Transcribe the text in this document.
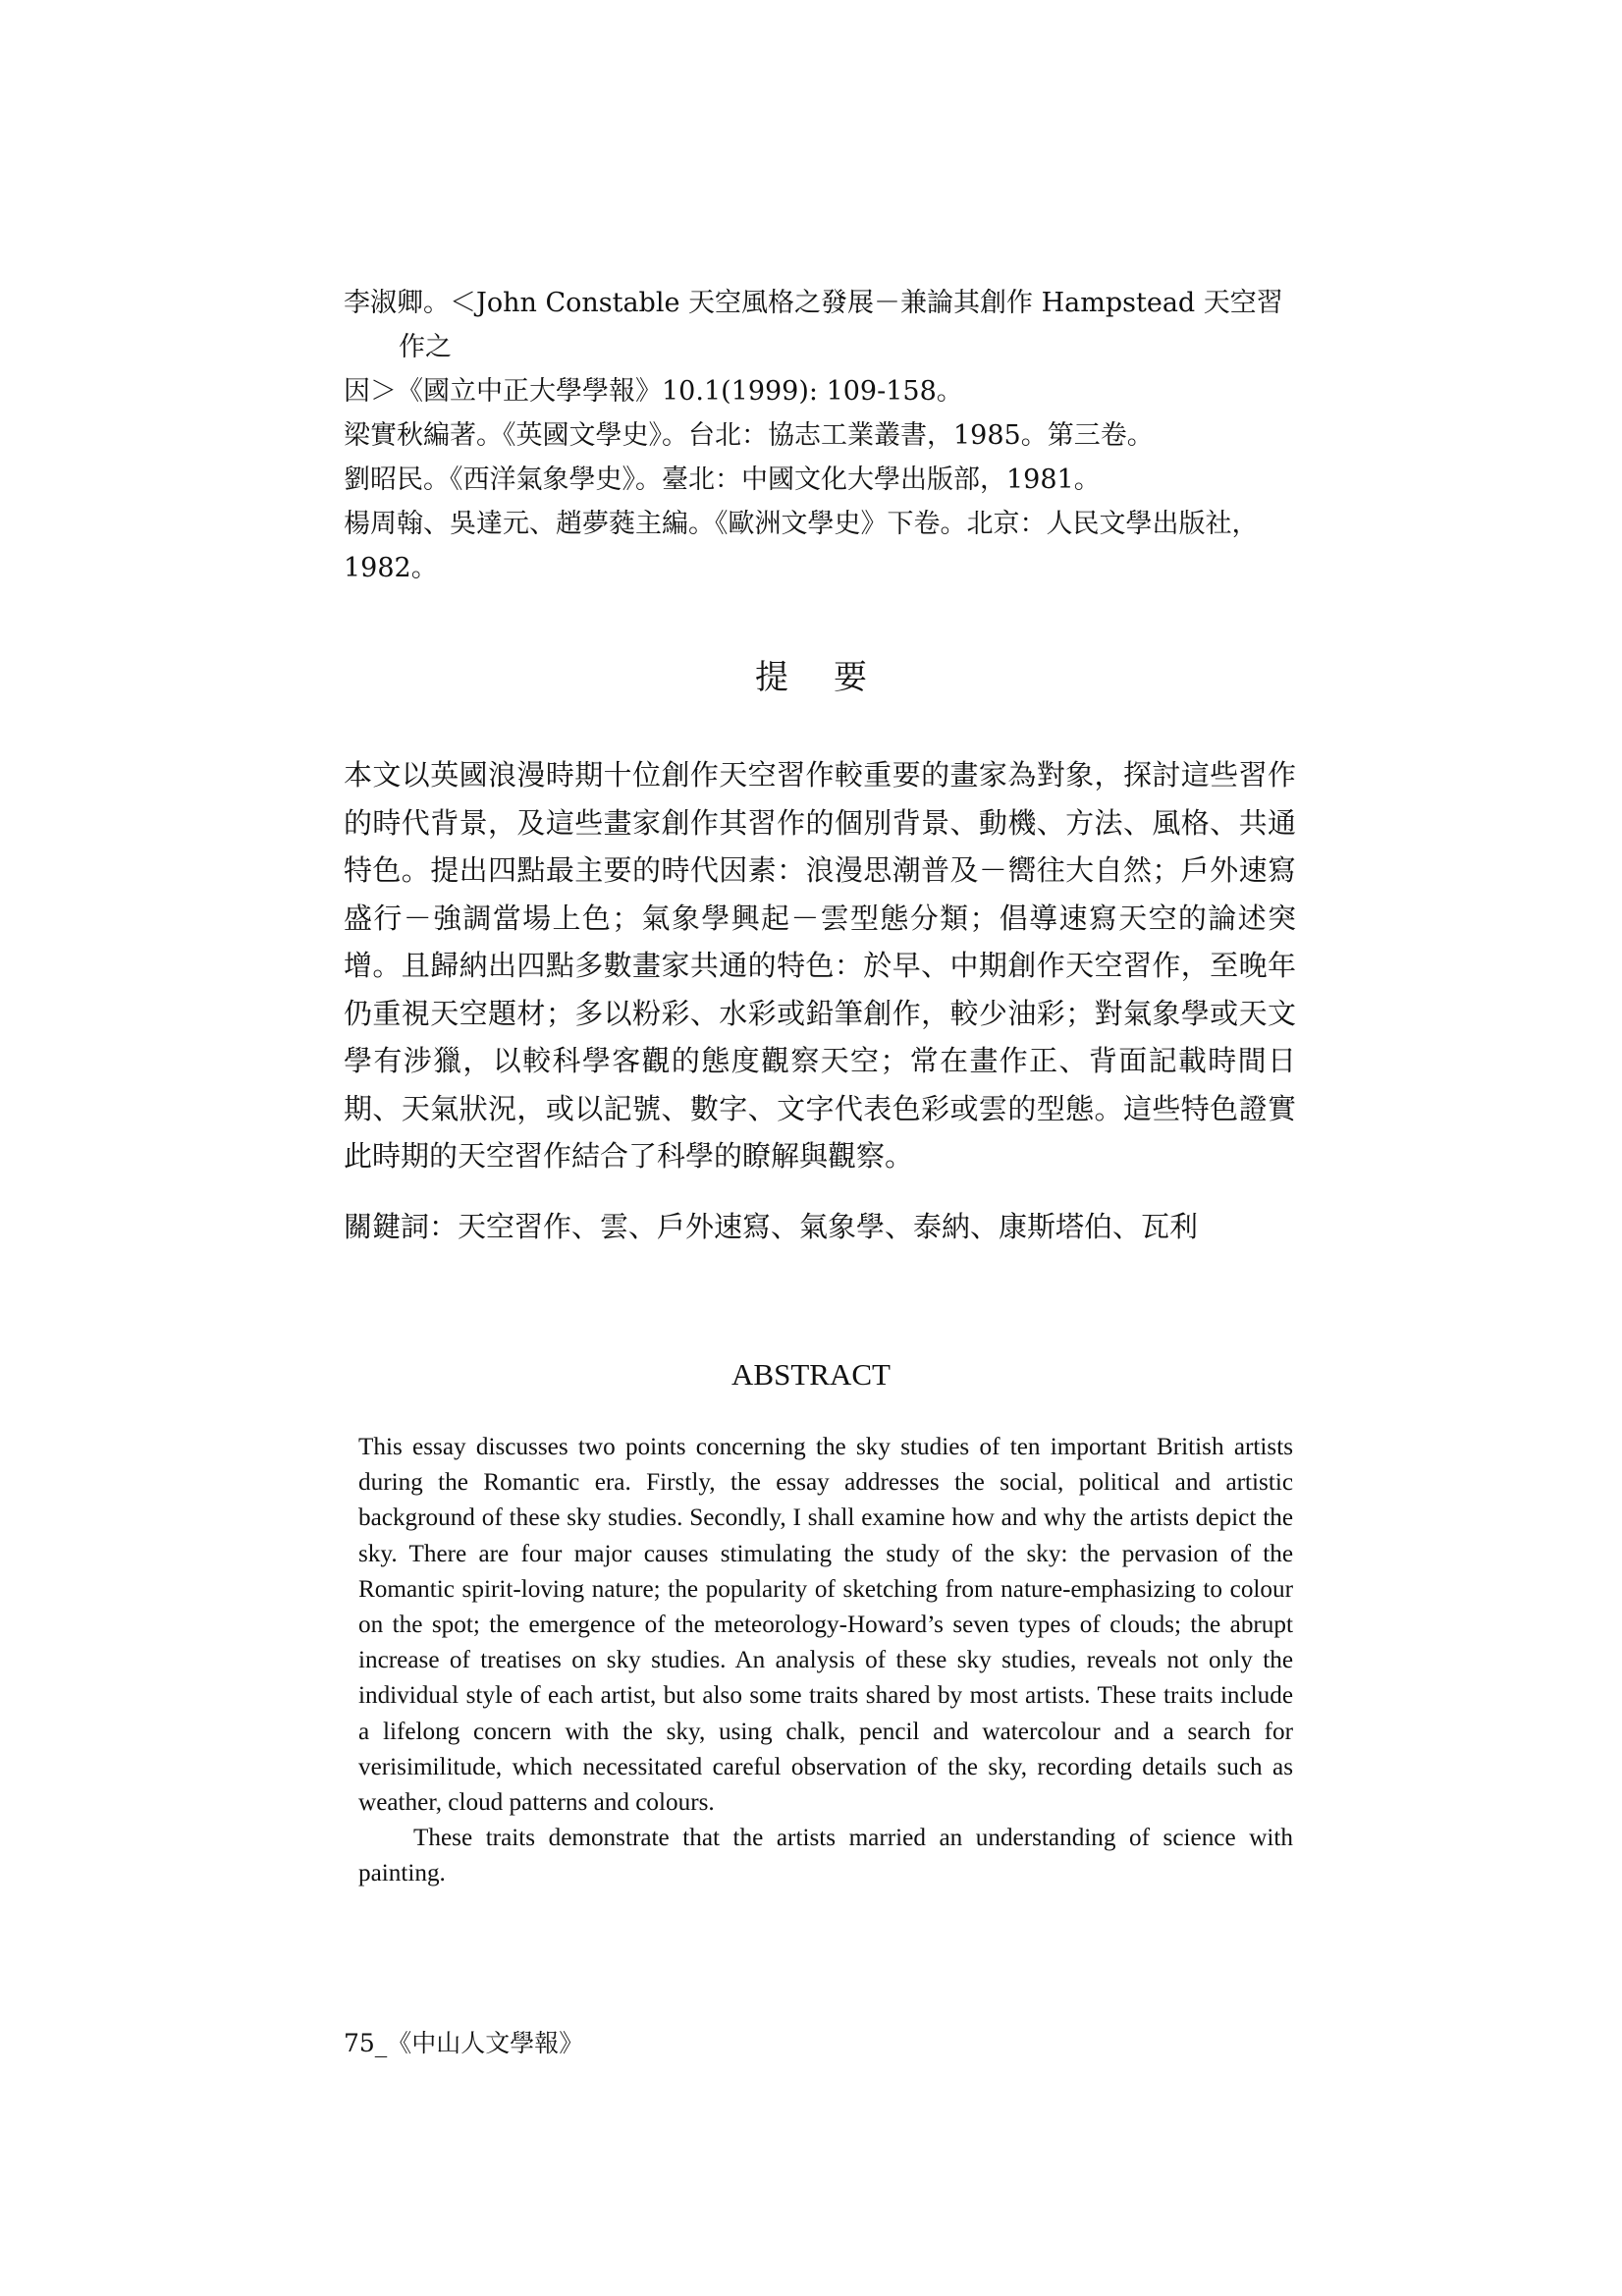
李淑卿。＜John Constable 天空風格之發展－兼論其創作 Hampstead 天空習作之
因＞《國立中正大學學報》10.1(1999): 109-158。

梁實秋編著。《英國文學史》。台北：協志工業叢書，1985。第三卷。

劉昭民。《西洋氣象學史》。臺北：中國文化大學出版部，1981。

楊周翰、吳達元、趙夢蕤主編。《歐洲文學史》下卷。北京：人民文學出版社，
1982。

提要
本文以英國浪漫時期十位創作天空習作較重要的畫家為對象，探討這些習作的時代背景，及這些畫家創作其習作的個別背景、動機、方法、風格、共通特色。提出四點最主要的時代因素：浪漫思潮普及－嚮往大自然；戶外速寫盛行－強調當場上色；氣象學興起－雲型態分類；倡導速寫天空的論述突增。且歸納出四點多數畫家共通的特色：於早、中期創作天空習作，至晚年仍重視天空題材；多以粉彩、水彩或鉛筆創作，較少油彩；對氣象學或天文學有涉獵，以較科學客觀的態度觀察天空；常在畫作正、背面記載時間日期、天氣狀況，或以記號、數字、文字代表色彩或雲的型態。這些特色證實此時期的天空習作結合了科學的瞭解與觀察。
關鍵詞：天空習作、雲、戶外速寫、氣象學、泰納、康斯塔伯、瓦利
ABSTRACT

This essay discusses two points concerning the sky studies of ten important British artists during the Romantic era. Firstly, the essay addresses the social, political and artistic background of these sky studies. Secondly, I shall examine how and why the artists depict the sky. There are four major causes stimulating the study of the sky: the pervasion of the Romantic spirit-loving nature; the popularity of sketching from nature-emphasizing to colour on the spot; the emergence of the meteorology-Howard’s seven types of clouds; the abrupt increase of treatises on sky studies. An analysis of these sky studies, reveals not only the individual style of each artist, but also some traits shared by most artists. These traits include a lifelong concern with the sky, using chalk, pencil and watercolour and a search for verisimilitude, which necessitated careful observation of the sky, recording details such as weather, cloud patterns and colours.

These traits demonstrate that the artists married an understanding of science with painting.

75_《中山人文學報》
